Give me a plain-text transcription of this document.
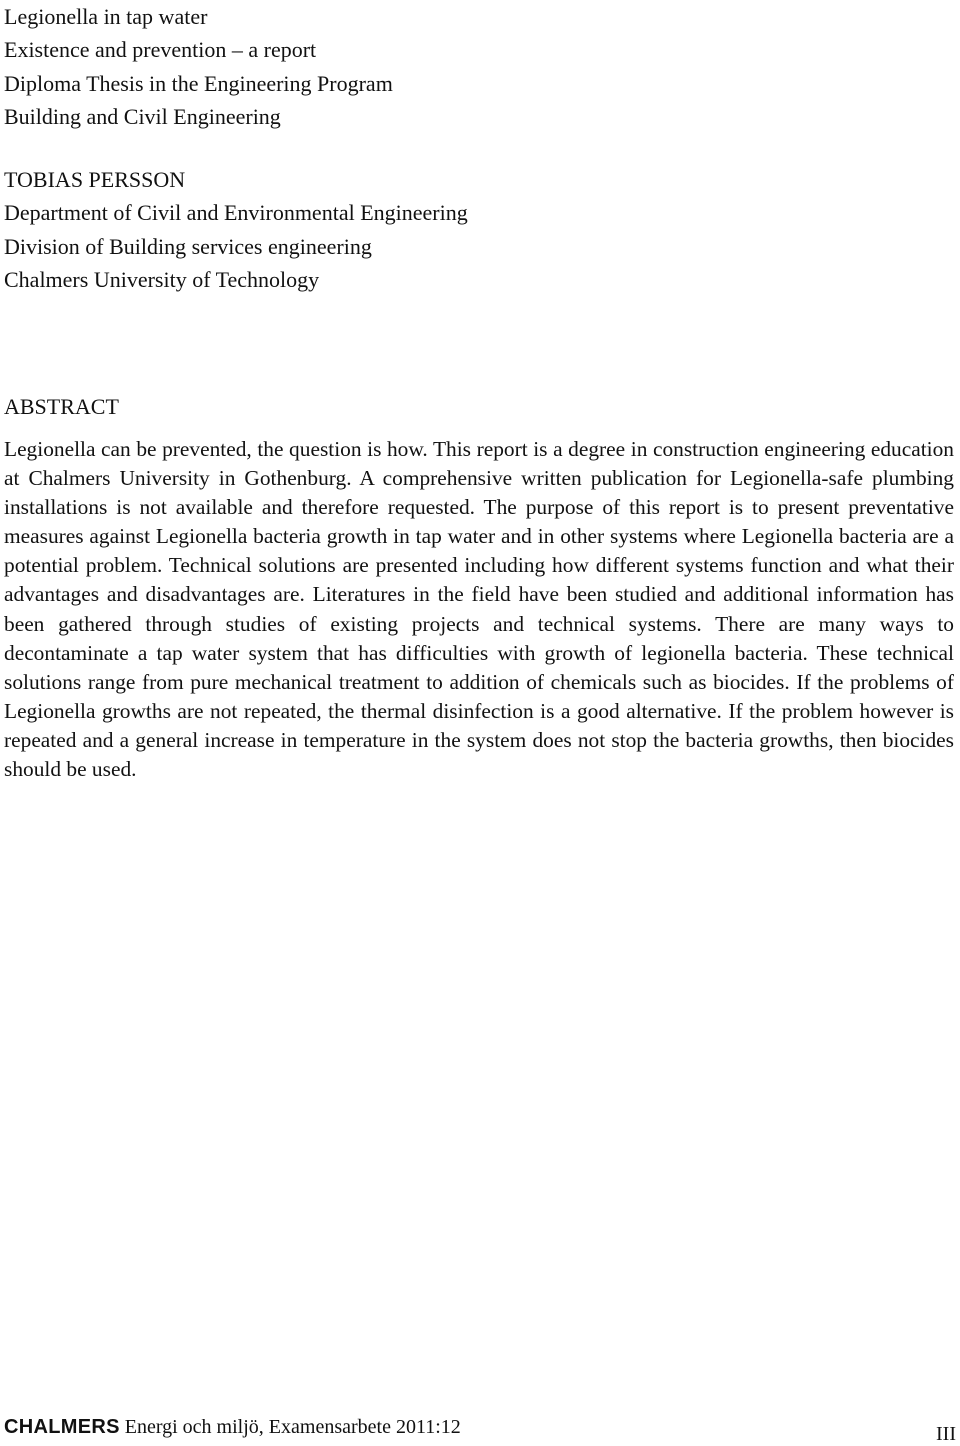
Legionella in tap water
Existence and prevention – a report
Diploma Thesis in the Engineering Program
Building and Civil Engineering
TOBIAS PERSSON
Department of Civil and Environmental Engineering
Division of Building services engineering
Chalmers University of Technology
ABSTRACT

Legionella can be prevented, the question is how. This report is a degree in construction engineering education at Chalmers University in Gothenburg. A comprehensive written publication for Legionella-safe plumbing installations is not available and therefore requested. The purpose of this report is to present preventative measures against Legionella bacteria growth in tap water and in other systems where Legionella bacteria are a potential problem. Technical solutions are presented including how different systems function and what their advantages and disadvantages are. Literatures in the field have been studied and additional information has been gathered through studies of existing projects and technical systems. There are many ways to decontaminate a tap water system that has difficulties with growth of legionella bacteria. These technical solutions range from pure mechanical treatment to addition of chemicals such as biocides. If the problems of Legionella growths are not repeated, the thermal disinfection is a good alternative. If the problem however is repeated and a general increase in temperature in the system does not stop the bacteria growths, then biocides should be used.

CHALMERS Energi och miljö, Examensarbete 2011:12	III
